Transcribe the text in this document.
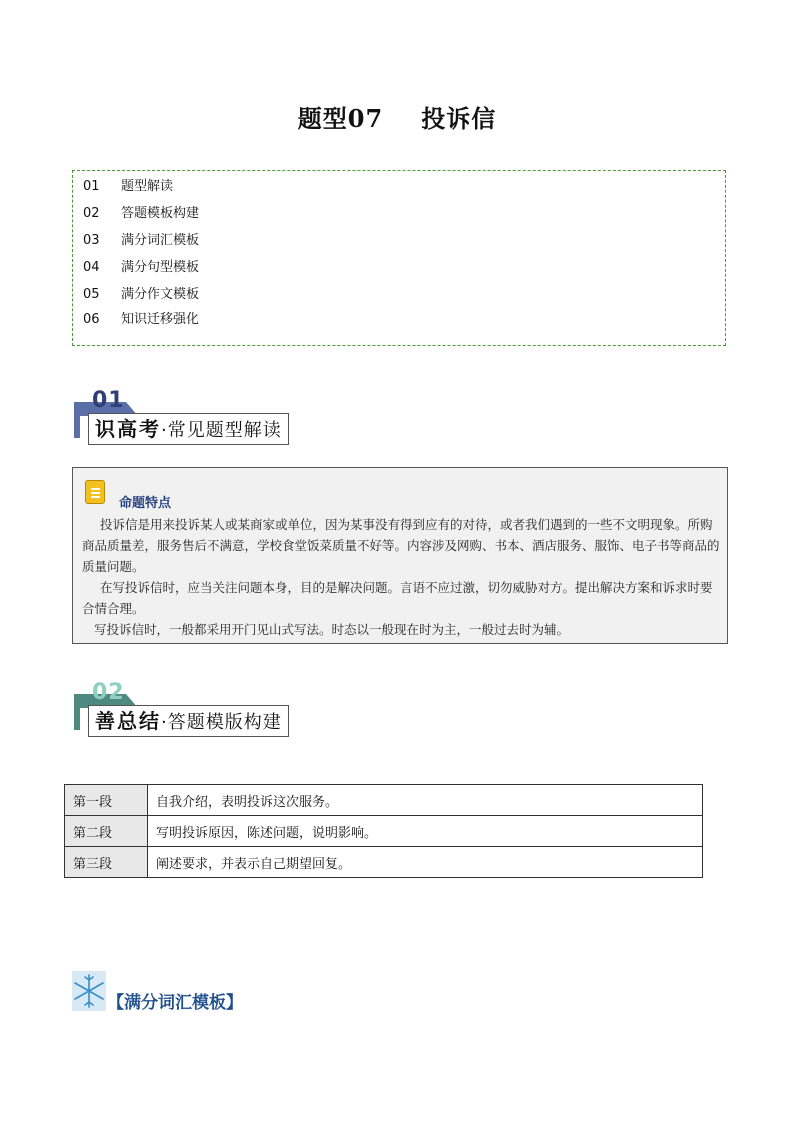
题型07 投诉信
01 题型解读
02 答题模板构建
03 满分词汇模板
04 满分句型模板
05 满分作文模板
06 知识迁移强化
01
识高考·常见题型解读
命题特点

投诉信是用来投诉某人或某商家或单位，因为某事没有得到应有的对待，或者我们遇到的一些不文明现象。所购商品质量差，服务售后不满意，学校食堂饭菜质量不好等。内容涉及网购、书本、酒店服务、服饰、电子书等商品的质量问题。

在写投诉信时，应当关注问题本身，目的是解决问题。言语不应过激，切勿威胁对方。提出解决方案和诉求时要合情合理。

写投诉信时，一般都采用开门见山式写法。时态以一般现在时为主，一般过去时为辅。

02
善总结·答题模版构建
第一段	自我介绍，表明投诉这次服务。
第二段	写明投诉原因，陈述问题，说明影响。
第三段	阐述要求，并表示自己期望回复。
【满分词汇模板】
